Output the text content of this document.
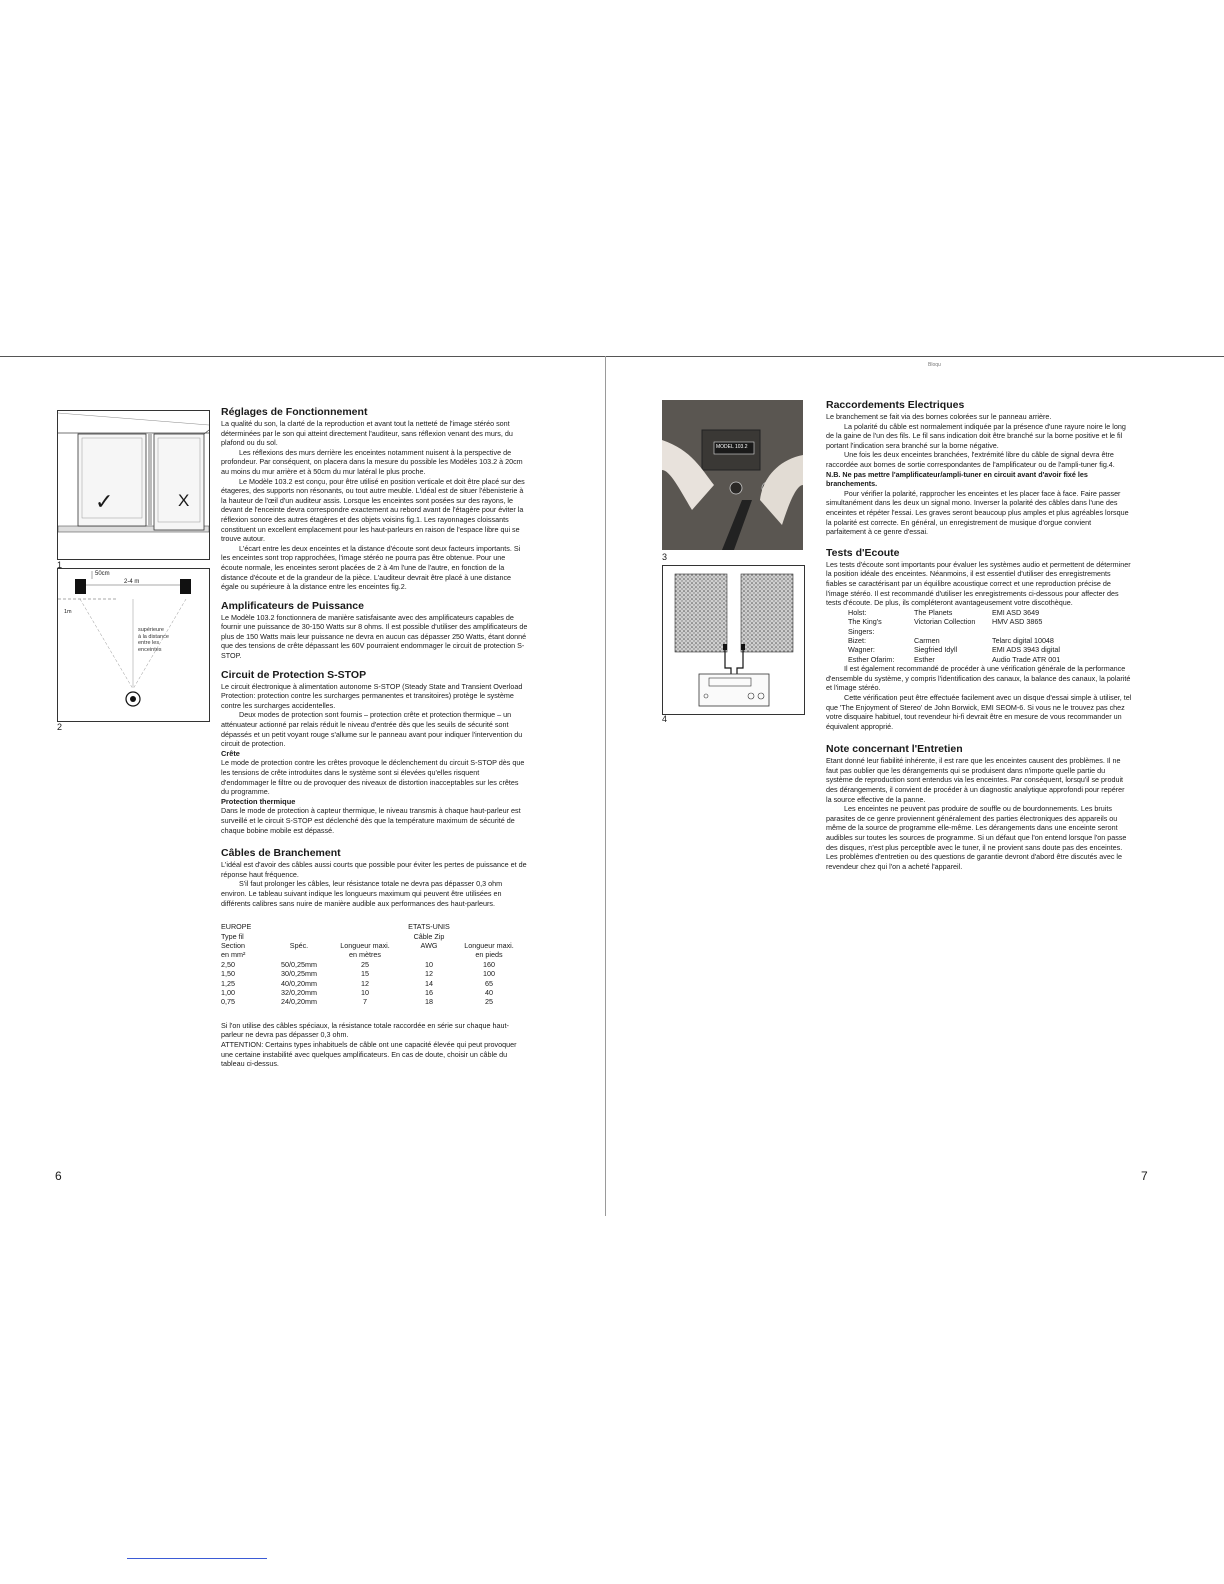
Bloqu
✓	X
1
50cm
2-4 m
1m
supérieure
à la distance
entre les
enceintes
2
MODEL 103.2
3
4
Réglages de Fonctionnement

La qualité du son, la clarté de la reproduction et avant tout la netteté de l'image stéréo sont déterminées par le son qui atteint directement l'auditeur, sans réflexion venant des murs, du plafond ou du sol.

Les réflexions des murs derrière les enceintes notamment nuisent à la perspective de profondeur. Par conséquent, on placera dans la mesure du possible les Modèles 103.2 à 20cm au moins du mur arrière et à 50cm du mur latéral le plus proche.

Le Modèle 103.2 est conçu, pour être utilisé en position verticale et doit être placé sur des étageres, des supports non résonants, ou tout autre meuble. L'idéal est de situer l'ébenisterie à la hauteur de l'œil d'un auditeur assis. Lorsque les enceintes sont posées sur des rayons, le devant de l'enceinte devra correspondre exactement au rebord avant de l'étagère pour éviter la réflexion sonore des autres étagères et des objets voisins fig.1. Les rayonnages cloissants constituent un excellent emplacement pour les haut-parleurs en raison de l'espace libre qui se trouve autour.

L'écart entre les deux enceintes et la distance d'écoute sont deux facteurs importants. Si les enceintes sont trop rapprochées, l'image stéréo ne pourra pas être obtenue. Pour une écoute normale, les enceintes seront placées de 2 à 4m l'une de l'autre, en fonction de la distance d'écoute et de la grandeur de la pièce. L'auditeur devrait être placé à une distance égale ou supérieure à la distance entre les enceintes fig.2.

Amplificateurs de Puissance

Le Modèle 103.2 fonctionnera de manière satisfaisante avec des amplificateurs capables de fournir une puissance de 30-150 Watts sur 8 ohms. Il est possible d'utiliser des amplificateurs de plus de 150 Watts mais leur puissance ne devra en aucun cas dépasser 250 Watts, étant donné que des tensions de crête dépassant les 60V pourraient endommager le circuit de protection S-STOP.

Circuit de Protection S-STOP

Le circuit électronique à alimentation autonome S-STOP (Steady State and Transient Overload Protection: protection contre les surcharges permanentes et transitoires) protège le système contre les surcharges accidentelles.

Deux modes de protection sont fournis – protection crête et protection thermique – un atténuateur actionné par relais réduit le niveau d'entrée dès que les seuils de sécurité sont dépassés et un petit voyant rouge s'allume sur le panneau avant pour indiquer l'intervention du circuit de protection.

Crête

Le mode de protection contre les crêtes provoque le déclenchement du circuit S-STOP dès que les tensions de crête introduites dans le système sont si élevées qu'elles risquent d'endommager le filtre ou de provoquer des niveaux de distortion inacceptables sur les crêtes du programme.

Protection thermique

Dans le mode de protection à capteur thermique, le niveau transmis à chaque haut-parleur est surveillé et le circuit S-STOP est déclenché dès que la température maximum de sécurité de chaque bobine mobile est dépassé.

Câbles de Branchement

L'idéal est d'avoir des câbles aussi courts que possible pour éviter les pertes de puissance et de réponse haut fréquence.

S'il faut prolonger les câbles, leur résistance totale ne devra pas dépasser 0,3 ohm environ. Le tableau suivant indique les longueurs maximum qui peuvent être utilisées en différents calibres sans nuire de manière audible aux performances des haut-parleurs.

EUROPE			ETATS-UNIS	
Type fil			Câble Zip	
Section	Spéc.	Longueur maxi.	AWG	Longueur maxi.
en mm²		en mètres		en pieds
2,50	50/0,25mm	25	10	160
1,50	30/0,25mm	15	12	100
1,25	40/0,20mm	12	14	65
1,00	32/0,20mm	10	16	40
0,75	24/0,20mm	7	18	25

Si l'on utilise des câbles spéciaux, la résistance totale raccordée en série sur chaque haut-parleur ne devra pas dépasser 0,3 ohm.

ATTENTION: Certains types inhabituels de câble ont une capacité élevée qui peut provoquer une certaine instabilité avec quelques amplificateurs. En cas de doute, choisir un câble du tableau ci-dessus.

Raccordements Electriques

Le branchement se fait via des bornes colorées sur le panneau arrière.

La polarité du câble est normalement indiquée par la présence d'une rayure noire le long de la gaine de l'un des fils. Le fil sans indication doit être branché sur la borne positive et le fil portant l'indication sera branché sur la borne négative.

Une fois les deux enceintes branchées, l'extrémité libre du câble de signal devra être raccordée aux bornes de sortie correspondantes de l'amplificateur ou de l'ampli-tuner fig.4.

N.B. Ne pas mettre l'amplificateur/ampli-tuner en circuit avant d'avoir fixé les branchements.

Pour vérifier la polarité, rapprocher les enceintes et les placer face à face. Faire passer simultanément dans les deux un signal mono. Inverser la polarité des câbles dans l'une des enceintes et répéter l'essai. Les graves seront beaucoup plus amples et plus agréables lorsque la polarité est correcte. En général, un enregistrement de musique d'orgue convient parfaitement à ce genre d'essai.

Tests d'Ecoute

Les tests d'écoute sont importants pour évaluer les systèmes audio et permettent de déterminer la position idéale des enceintes. Néanmoins, il est essentiel d'utiliser des enregistrements fiables se caractérisant par un équilibre acoustique correct et une reproduction précise de l'image stéréo. Il est recommandé d'utiliser les enregistrements ci-dessous pour affecter des tests d'écoute. De plus, ils compléteront avantageusement votre discothèque.

Holst:	The Planets	EMI ASD 3649
The King's Singers:	Victorian Collection	HMV ASD 3865
Bizet:	Carmen	Telarc digital 10048
Wagner:	Siegfried Idyll	EMI ADS 3943 digital
Esther Ofarim:	Esther	Audio Trade ATR 001

Il est également recommandé de procéder à une vérification générale de la performance d'ensemble du système, y compris l'identification des canaux, la balance des canaux, la polarité et l'image stéréo.

Cette vérification peut être effectuée facilement avec un disque d'essai simple à utiliser, tel que 'The Enjoyment of Stereo' de John Borwick, EMI SEOM-6. Si vous ne le trouvez pas chez votre disquaire habituel, tout revendeur hi-fi devrait être en mesure de vous recommander un équivalent approprié.

Note concernant l'Entretien

Etant donné leur fiabilité inhérente, il est rare que les enceintes causent des problèmes. Il ne faut pas oublier que les dérangements qui se produisent dans n'importe quelle partie du système de reproduction sont entendus via les enceintes. Par conséquent, lorsqu'il se produit des dérangements, il convient de procéder à un diagnostic analytique approfondi pour repérer la source effective de la panne.

Les enceintes ne peuvent pas produire de souffle ou de bourdonnements. Les bruits parasites de ce genre proviennent généralement des parties électroniques des appareils ou même de la source de programme elle-même. Les dérangements dans une enceinte seront audibles sur toutes les sources de programme. Si un défaut que l'on entend lorsque l'on passe des disques, n'est plus perceptible avec le tuner, il ne provient sans doute pas des enceintes. Les problèmes d'entretien ou des questions de garantie devront d'abord être discutés avec le revendeur chez qui l'on a acheté l'appareil.

6	7
